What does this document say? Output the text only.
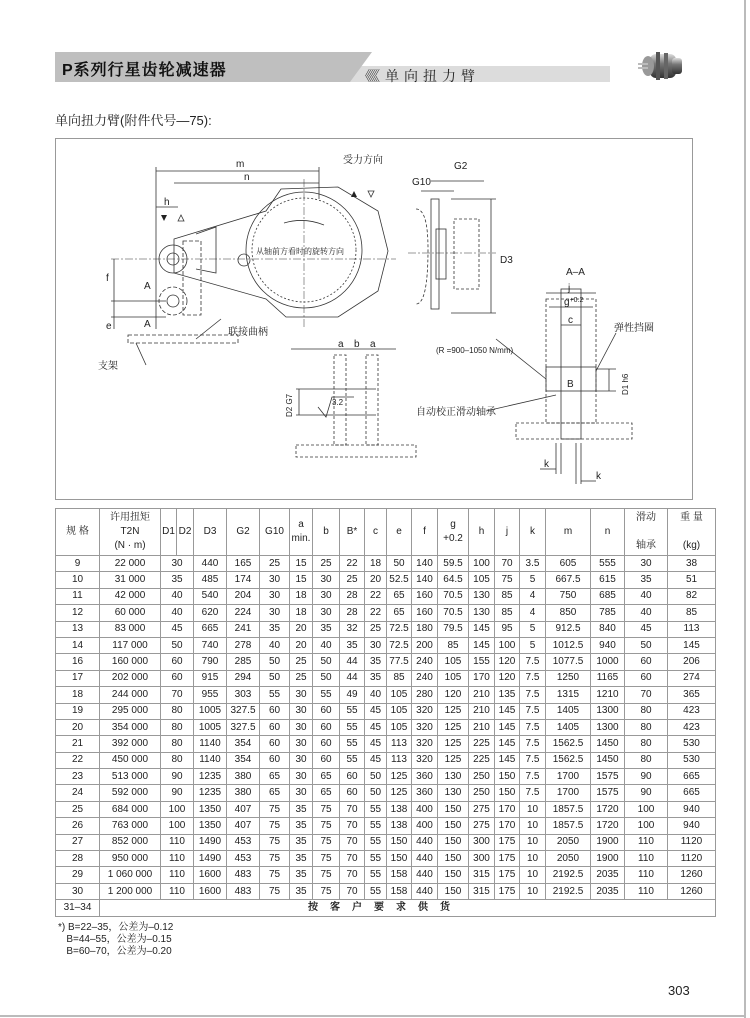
P系列行星齿轮减速器	《《《 单向扭力臂
单向扭力臂(附件代号—75):
m
n
h
f
e
A
A
受力方向
从轴前方看时的旋转方向
联接曲柄
支架
G2
G10
D3
a b a
D2 G7	3.2
A–A
j
$g^{+0.2}$
c
弹性挡圈
(R =900–1050 N/mm)
B	D1 h6
自动校正滑动轴承
k
k
规 格	许用扭矩
T2N
(N · m)	D1	D2	D3	G2	G10	a
min.	b	B*	c	e	f	g
+0.2	h	j	k	m	n	滑动

轴承	重 量

(kg)
9	22 000	30		440	165	25	15	25	22	18	50	140	59.5	100	70	3.5	605	555	30	38
10	31 000	35		485	174	30	15	30	25	20	52.5	140	64.5	105	75	5	667.5	615	35	51
11	42 000	40		540	204	30	18	30	28	22	65	160	70.5	130	85	4	750	685	40	82
12	60 000	40		620	224	30	18	30	28	22	65	160	70.5	130	85	4	850	785	40	85
13	83 000	45		665	241	35	20	35	32	25	72.5	180	79.5	145	95	5	912.5	840	45	113
14	117 000	50		740	278	40	20	40	35	30	72.5	200	85	145	100	5	1012.5	940	50	145
16	160 000	60		790	285	50	25	50	44	35	77.5	240	105	155	120	7.5	1077.5	1000	60	206
17	202 000	60		915	294	50	25	50	44	35	85	240	105	170	120	7.5	1250	1165	60	274
18	244 000	70		955	303	55	30	55	49	40	105	280	120	210	135	7.5	1315	1210	70	365
19	295 000	80		1005	327.5	60	30	60	55	45	105	320	125	210	145	7.5	1405	1300	80	423
20	354 000	80		1005	327.5	60	30	60	55	45	105	320	125	210	145	7.5	1405	1300	80	423
21	392 000	80		1140	354	60	30	60	55	45	113	320	125	225	145	7.5	1562.5	1450	80	530
22	450 000	80		1140	354	60	30	60	55	45	113	320	125	225	145	7.5	1562.5	1450	80	530
23	513 000	90		1235	380	65	30	65	60	50	125	360	130	250	150	7.5	1700	1575	90	665
24	592 000	90		1235	380	65	30	65	60	50	125	360	130	250	150	7.5	1700	1575	90	665
25	684 000	100		1350	407	75	35	75	70	55	138	400	150	275	170	10	1857.5	1720	100	940
26	763 000	100		1350	407	75	35	75	70	55	138	400	150	275	170	10	1857.5	1720	100	940
27	852 000	110		1490	453	75	35	75	70	55	150	440	150	300	175	10	2050	1900	110	1120
28	950 000	110		1490	453	75	35	75	70	55	150	440	150	300	175	10	2050	1900	110	1120
29	1 060 000	110		1600	483	75	35	75	70	55	158	440	150	315	175	10	2192.5	2035	110	1260
30	1 200 000	110		1600	483	75	35	75	70	55	158	440	150	315	175	10	2192.5	2035	110	1260
31–34	按客户要求供货																			
*) B=22–35，公差为–0.12
B=44–55，公差为–0.15
B=60–70，公差为–0.20
303
